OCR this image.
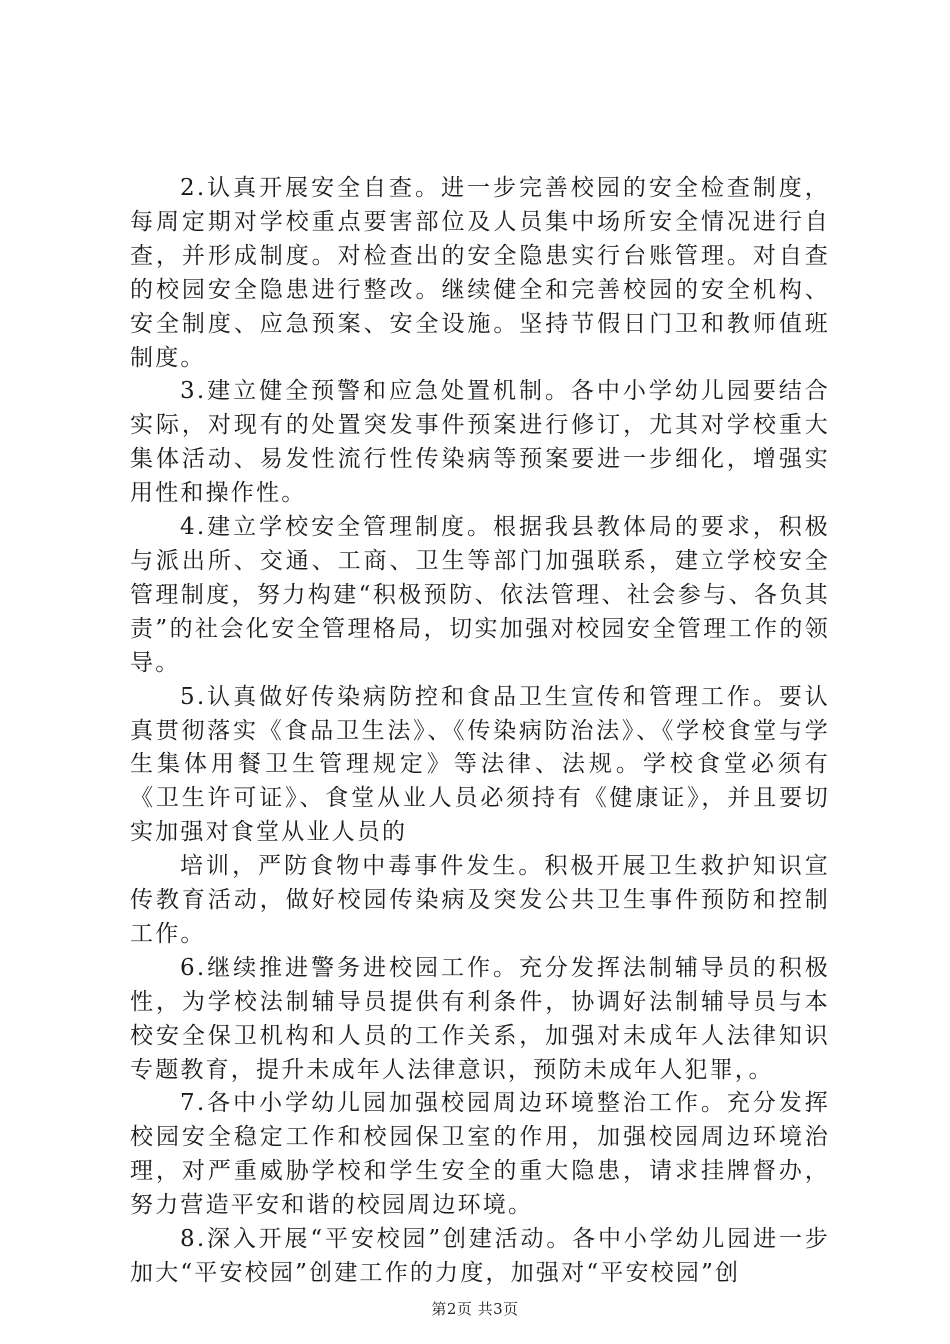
2.认真开展安全自查。进一步完善校园的安全检查制度，每周定期对学校重点要害部位及人员集中场所安全情况进行自查，并形成制度。对检查出的安全隐患实行台账管理。对自查的校园安全隐患进行整改。继续健全和完善校园的安全机构、安全制度、应急预案、安全设施。坚持节假日门卫和教师值班制度。

3.建立健全预警和应急处置机制。各中小学幼儿园要结合实际，对现有的处置突发事件预案进行修订，尤其对学校重大集体活动、易发性流行性传染病等预案要进一步细化，增强实用性和操作性。

4.建立学校安全管理制度。根据我县教体局的要求，积极与派出所、交通、工商、卫生等部门加强联系，建立学校安全管理制度，努力构建“积极预防、依法管理、社会参与、各负其责”的社会化安全管理格局，切实加强对校园安全管理工作的领导。

5.认真做好传染病防控和食品卫生宣传和管理工作。要认真贯彻落实《食品卫生法》、《传染病防治法》、《学校食堂与学生集体用餐卫生管理规定》等法律、法规。学校食堂必须有《卫生许可证》、食堂从业人员必须持有《健康证》，并且要切实加强对食堂从业人员的

培训，严防食物中毒事件发生。积极开展卫生救护知识宣传教育活动，做好校园传染病及突发公共卫生事件预防和控制工作。

6.继续推进警务进校园工作。充分发挥法制辅导员的积极性，为学校法制辅导员提供有利条件，协调好法制辅导员与本校安全保卫机构和人员的工作关系，加强对未成年人法律知识专题教育，提升未成年人法律意识，预防未成年人犯罪，。

7.各中小学幼儿园加强校园周边环境整治工作。充分发挥校园安全稳定工作和校园保卫室的作用，加强校园周边环境治理，对严重威胁学校和学生安全的重大隐患，请求挂牌督办，努力营造平安和谐的校园周边环境。

8.深入开展“平安校园”创建活动。各中小学幼儿园进一步加大“平安校园”创建工作的力度，加强对“平安校园”创

第2页 共3页
